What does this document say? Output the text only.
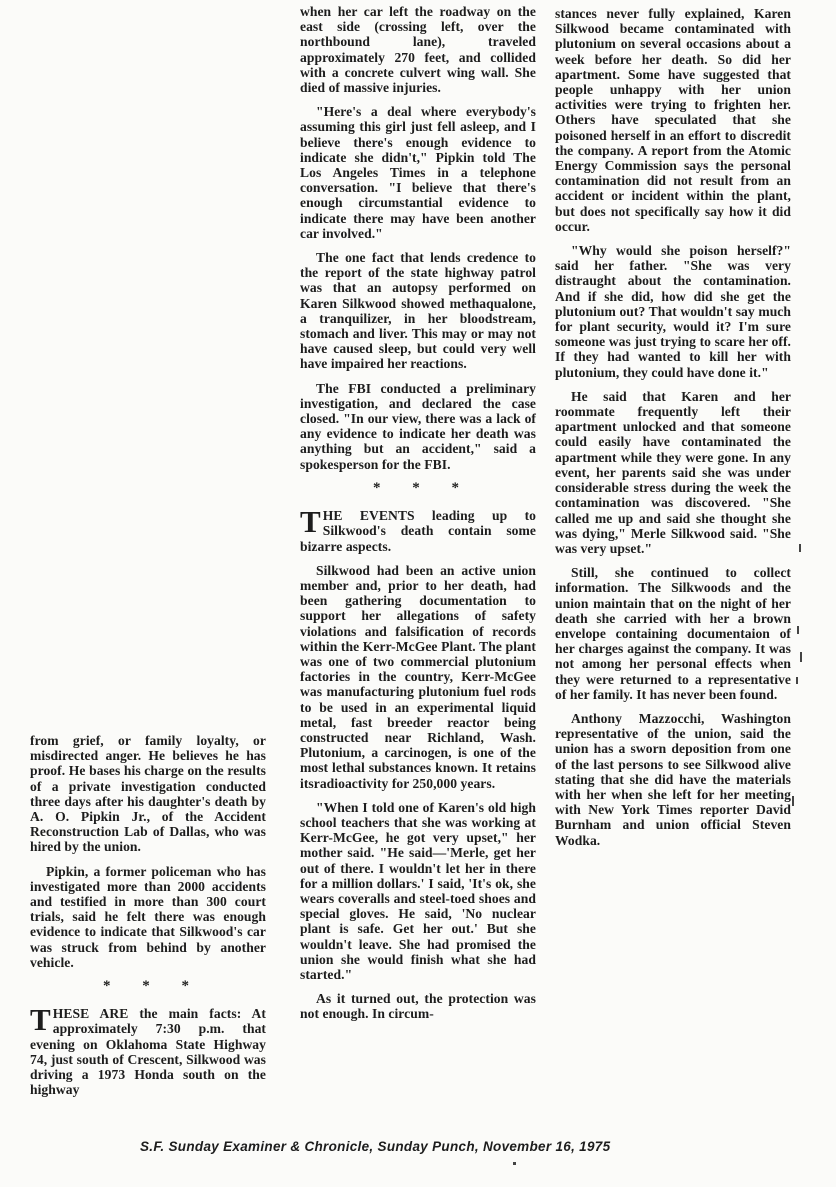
from grief, or family loyalty, or misdirected anger. He believes he has proof. He bases his charge on the results of a private investigation conducted three days after his daughter's death by A. O. Pipkin Jr., of the Accident Reconstruction Lab of Dallas, who was hired by the union.

Pipkin, a former policeman who has investigated more than 2000 accidents and testified in more than 300 court trials, said he felt there was enough evidence to indicate that Silkwood's car was struck from behind by another vehicle.

* * *

THESE ARE the main facts: At approximately 7:30 p.m. that evening on Oklahoma State Highway 74, just south of Crescent, Silkwood was driving a 1973 Honda south on the highway

when her car left the roadway on the east side (crossing left, over the northbound lane), traveled approximately 270 feet, and collided with a concrete culvert wing wall. She died of massive injuries.

"Here's a deal where everybody's assuming this girl just fell asleep, and I believe there's enough evidence to indicate she didn't," Pipkin told The Los Angeles Times in a telephone conversation. "I believe that there's enough circumstantial evidence to indicate there may have been another car involved."

The one fact that lends credence to the report of the state highway patrol was that an autopsy performed on Karen Silkwood showed methaqualone, a tranquilizer, in her bloodstream, stomach and liver. This may or may not have caused sleep, but could very well have impaired her reactions.

The FBI conducted a preliminary investigation, and declared the case closed. "In our view, there was a lack of any evidence to indicate her death was anything but an accident," said a spokesperson for the FBI.

* * *

THE EVENTS leading up to Silkwood's death contain some bizarre aspects.

Silkwood had been an active union member and, prior to her death, had been gathering documentation to support her allegations of safety violations and falsification of records within the Kerr-McGee Plant. The plant was one of two commercial plutonium factories in the country, Kerr-McGee was manufacturing plutonium fuel rods to be used in an experimental liquid metal, fast breeder reactor being constructed near Richland, Wash. Plutonium, a carcinogen, is one of the most lethal substances known. It retains itsradioactivity for 250,000 years.

"When I told one of Karen's old high school teachers that she was working at Kerr-McGee, he got very upset," her mother said. "He said—'Merle, get her out of there. I wouldn't let her in there for a million dollars.' I said, 'It's ok, she wears coveralls and steel-toed shoes and special gloves. He said, 'No nuclear plant is safe. Get her out.' But she wouldn't leave. She had promised the union she would finish what she had started."

As it turned out, the protection was not enough. In circum-

stances never fully explained, Karen Silkwood became contaminated with plutonium on several occasions about a week before her death. So did her apartment. Some have suggested that people unhappy with her union activities were trying to frighten her. Others have speculated that she poisoned herself in an effort to discredit the company. A report from the Atomic Energy Commission says the personal contamination did not result from an accident or incident within the plant, but does not specifically say how it did occur.

"Why would she poison herself?" said her father. "She was very distraught about the contamination. And if she did, how did she get the plutonium out? That wouldn't say much for plant security, would it? I'm sure someone was just trying to scare her off. If they had wanted to kill her with plutonium, they could have done it."

He said that Karen and her roommate frequently left their apartment unlocked and that someone could easily have contaminated the apartment while they were gone. In any event, her parents said she was under considerable stress during the week the contamination was discovered. "She called me up and said she thought she was dying," Merle Silkwood said. "She was very upset."

Still, she continued to collect information. The Silkwoods and the union maintain that on the night of her death she carried with her a brown envelope containing documentaion of her charges against the company. It was not among her personal effects when they were returned to a representative of her family. It has never been found.

Anthony Mazzocchi, Washington representative of the union, said the union has a sworn deposition from one of the last persons to see Silkwood alive stating that she did have the materials with her when she left for her meeting with New York Times reporter David Burnham and union official Steven Wodka.

S.F. Sunday Examiner & Chronicle, Sunday Punch, November 16, 1975
